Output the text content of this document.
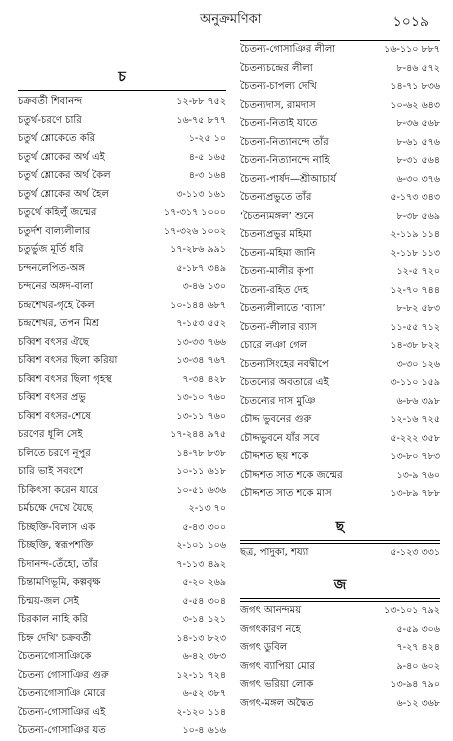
অনুক্রমণিকা	১০১৯
চ
চক্রবর্তী শিবানন্দ	১২-৮৮ ৭৫২
চতুর্থ-চরণে চারি	১৬-৭৫ ৮৭৭
চতুর্থ শ্লোকেতে করি	১-২৫ ১০
চতুর্থ শ্লোকের অর্থ এই	৪-৫ ১৬৫
চতুর্থ শ্লোকের অর্থ কৈল	৪-৩ ১৬৪
চতুর্থ শ্লোকের অর্থ হৈল	৩-১১৩ ১৬১
চতুর্থে কহিলুঁ জন্মের	১৭-৩১৭ ১০০০
চতুর্দশ বাল্যলীলার	১৭-৩২৬ ১০০২
চতুর্ভুজ মূর্তি ধরি	১৭-২৮৬ ৯৯১
চন্দনলেপিত-অঙ্গ	৫-১৮৭ ৩৪৯
চন্দনের অঙ্গদ-বালা	৩-৪৬ ১৩০
চন্দ্রশেখর-গৃহে কৈল	১০-১৪৪ ৬৮৭
চন্দ্রশেখর, তপন মিশ্র	৭-১৫৩ ৫৫২
চব্বিশ বৎসর ঐছে	১৩-৩৩ ৭৬৬
চব্বিশ বৎসর ছিলা করিয়া	১৩-৩৪ ৭৬৭
চব্বিশ বৎসর ছিলা গৃহস্থ	৭-৩৪ ৪২৮
চব্বিশ বৎসর প্রভু	১৩-১০ ৭৬০
চব্বিশ বৎসর-শেষে	১৩-১১ ৭৬০
চরণের ধূলি সেই	১৭-২৪৪ ৯৭৫
চলিতে চরণে নূপুর	১৪-৭৮ ৮৩৮
চারি ভাই সবংশে	১০-১১ ৬১৮
চিকিৎসা করেন যারে	১০-৫১ ৬৩৬
চর্মচক্ষে দেখে যৈছে	২-১৩ ৭০
চিচ্ছক্তি-বিলাস এক	৫-৪৩ ৩০০
চিচ্ছক্তি, স্বরূপশক্তি	২-১০১ ১০৬
চিদানন্দ-তেঁহো, তাঁর	৭-১১৩ ৪৯২
চিন্তামণিভূমি, কল্পবৃক্ষ	৫-২০ ২৬৯
চিন্ময়-জল সেই	৫-৫৪ ৩০৪
চিরকাল নাহি করি	৩-১৪ ১২১
চিহ্ন দেখি' চক্রবর্তী	১৪-১৩ ৮২৩
চৈতন্যগোসাঞিকে	৬-৪২ ৩৮৩
চৈতন্য গোসাঞির গুরু	১২-১১ ৭২৪
চৈতন্যগোসাঞি মোরে	৬-৫২ ৩৮৭
চৈতন্য-গোসাঞির এই	২-১২০ ১১৪
চৈতন্য-গোসাঞির যত	১০-৪ ৬১৬
চৈতন্য-গোসাঞির লীলা	১৬-১১০ ৮৮৭
চৈতন্যচন্দ্রের লীলা	৮-৪৬ ৫৭২
চৈতন্য-চাপল্য দেখি	১৪-৭১ ৮৩৬
চৈতন্যদাস, রামদাস	১০-৬২ ৬৪৩
চৈতন্য-নিতাই যাতে	৮-৩৬ ৫৬৮
চৈতন্য-নিত্যানন্দে তাঁর	৮-৬১ ৫৭৬
চৈতন্য-নিত্যানন্দে নাহি	৮-৩১ ৫৬৪
চৈতন্য-পার্ষদ—শ্রীআচার্য	৬-৩০ ৩৭৬
চৈতন্যপ্রভুতে তাঁর	৫-১৭৩ ৩৪৩
‘চৈতন্যমঙ্গল’ শুনে	৮-৩৮ ৫৬৯
চৈতন্যপ্রভুর মহিমা	২-১১৯ ১১৪
চৈতন্য-মহিমা জানি	২-১১৮ ১১৩
চৈতন্য-মালীর কৃপা	১২-৫ ৭২০
চৈতন্য-রহিত দেহ	১২-৭০ ৭৪৪
চৈতন্যলীলাতে ‘ব্যাস’	৮-৮২ ৫৮৩
চৈতন্য-লীলার ব্যাস	১১-৫৫ ৭১২
চোরে লঞা গেল	১৪-৩৮ ৮২২
চৈতন্যসিংহের নবদ্বীপে	৩-৩০ ১২৬
চৈতন্যের অবতারে এই	৩-১১০ ১৫৯
চৈতন্যের দাস মুঞি	৬-৮৬ ৩৯৮
চৌদ্দ ভুবনের গুরু	১২-১৬ ৭২৫
চৌদ্দভুবনে যাঁর সবে	৫-২২২ ৩৫৮
চৌদ্দশত ছয় শকে	১৩-৮০ ৭৮৩
চৌদ্দশত সাত শকে জন্মের	১৩-৯ ৭৬০
চৌদ্দশত সাত শকে মাস	১৩-৮৯ ৭৮৮
ছ
ছত্র, পাদুকা, শয্যা	৫-১২৩ ৩৩১
জ
জগৎ আনন্দময়	১৩-১০১ ৭৯২
জগৎকারণ নহে	৫-৫৯ ৩০৬
জগৎ ডুবিল	৭-২৭ ৪২৪
জগৎ ব্যাপিয়া মোর	৯-৪০ ৬০২
জগৎ ভরিয়া লোক	১৩-৯৪ ৭৯০
জগৎ-মঙ্গল অদ্বৈত	৬-১২ ৩৬৮
